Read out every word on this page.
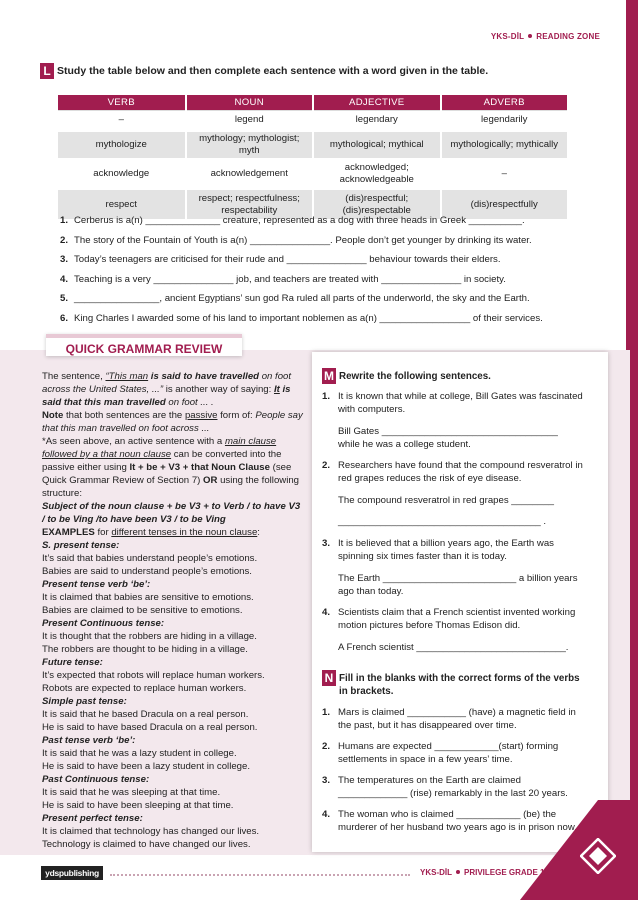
YKS-DİL READING ZONE
L Study the table below and then complete each sentence with a word given in the table.
VERB	NOUN	ADJECTIVE	ADVERB
–	legend	legendary	legendarily
mythologize	mythology; mythologist; myth	mythological; mythical	mythologically; mythically
acknowledge	acknowledgement	acknowledged; acknowledgeable	–
respect	respect; respectfulness; respectability	(dis)respectful; (dis)respectable	(dis)respectfully
1. Cerberus is a(n) ______________ creature, represented as a dog with three heads in Greek __________.
2. The story of the Fountain of Youth is a(n) _______________. People don’t get younger by drinking its water.
3. Today’s teenagers are criticised for their rude and _______________ behaviour towards their elders.
4. Teaching is a very _______________ job, and teachers are treated with _______________ in society.
5. ________________, ancient Egyptians’ sun god Ra ruled all parts of the underworld, the sky and the Earth.
6. King Charles I awarded some of his land to important noblemen as a(n) _________________ of their services.
QUICK GRAMMAR REVIEW

The sentence, “This man is said to have travelled on foot across the United States, ...” is another way of saying: It is said that this man travelled on foot ... .

Note that both sentences are the passive form of: People say that this man travelled on foot across ...

*As seen above, an active sentence with a main clause followed by a that noun clause can be converted into the passive either using It + be + V3 + that Noun Clause (see Quick Grammar Review of Section 7) OR using the following structure:

Subject of the noun clause + be V3 + to Verb / to have V3 / to be Ving /to have been V3 / to be Ving

EXAMPLES for different tenses in the noun clause:

S. present tense:

It’s said that babies understand people’s emotions.

Babies are said to understand people’s emotions.

Present tense verb ‘be’:

It is claimed that babies are sensitive to emotions.

Babies are claimed to be sensitive to emotions.

Present Continuous tense:

It is thought that the robbers are hiding in a village.

The robbers are thought to be hiding in a village.

Future tense:

It’s expected that robots will replace human workers.

Robots are expected to replace human workers.

Simple past tense:

It is said that he based Dracula on a real person.

He is said to have based Dracula on a real person.

Past tense verb ‘be’:

It is said that he was a lazy student in college.

He is said to have been a lazy student in college.

Past Continuous tense:

It is said that he was sleeping at that time.

He is said to have been sleeping at that time.

Present perfect tense:

It is claimed that technology has changed our lives.

Technology is claimed to have changed our lives.

M Rewrite the following sentences.
1. It is known that while at college, Bill Gates was fascinated with computers.
Bill Gates _________________________________
while he was a college student.
2. Researchers have found that the compound resveratrol in red grapes reduces the risk of eye disease.
The compound resveratrol in red grapes ________
______________________________________ .
3. It is believed that a billion years ago, the Earth was spinning six times faster than it is today.
The Earth _________________________ a billion years
ago than today.
4. Scientists claim that a French scientist invented working motion pictures before Thomas Edison did.
A French scientist ____________________________.
N Fill in the blanks with the correct forms of the verbs in brackets.
1. Mars is claimed ___________ (have) a magnetic field in the past, but it has disappeared over time.
2. Humans are expected ____________(start) forming settlements in space in a few years’ time.
3. The temperatures on the Earth are claimed _____________ (rise) remarkably in the last 20 years.
4. The woman who is claimed ____________ (be) the murderer of her husband two years ago is in prison now.
ydspublishing	YKS-DİL PRIVILEGE GRADE 12
